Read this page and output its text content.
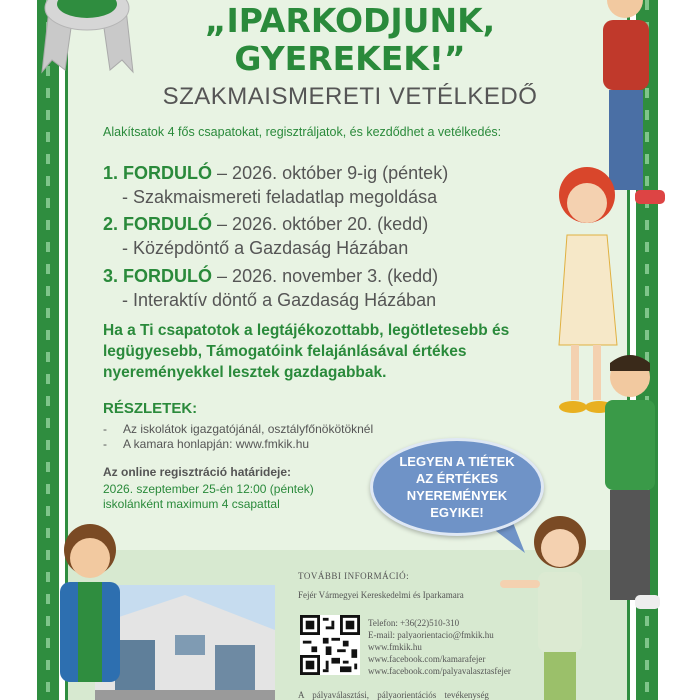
„IPARKODJUNK,
GYEREKEK!”
SZAKMAISMERETI VETÉLKEDŐ
Alakítsatok 4 fős csapatokat, regisztráljatok, és kezdődhet a vetélkedés:
1. FORDULÓ – 2026. október 9-ig (péntek)
- Szakmaismereti feladatlap megoldása
2. FORDULÓ – 2026. október 20. (kedd)
- Középdöntő a Gazdaság Házában
3. FORDULÓ – 2026. november 3. (kedd)
- Interaktív döntő a Gazdaság Házában
Ha a Ti csapatotok a legtájékozottabb, legötletesebb és legügyesebb, Támogatóink felajánlásával értékes nyereményekkel lesztek gazdagabbak.
RÉSZLETEK:
- Az iskolátok igazgatójánál, osztályfőnökötöknél
- A kamara honlapján: www.fmkik.hu
Az online regisztráció határideje:
2026. szeptember 25-én 12:00 (péntek)
iskolánként maximum 4 csapattal
LEGYEN A TIÉTEK AZ ÉRTÉKES NYEREMÉNYEK EGYIKE!
TOVÁBBI INFORMÁCIÓ:
Fejér Vármegyei Kereskedelmi és Iparkamara
Telefon: +36(22)510-310
E-mail: palyaorientacio@fmkik.hu
www.fmkik.hu
www.facebook.com/kamarafejer
www.facebook.com/palyavalasztasfejer
A pályaválasztási, pályaorientációs tevékenység
